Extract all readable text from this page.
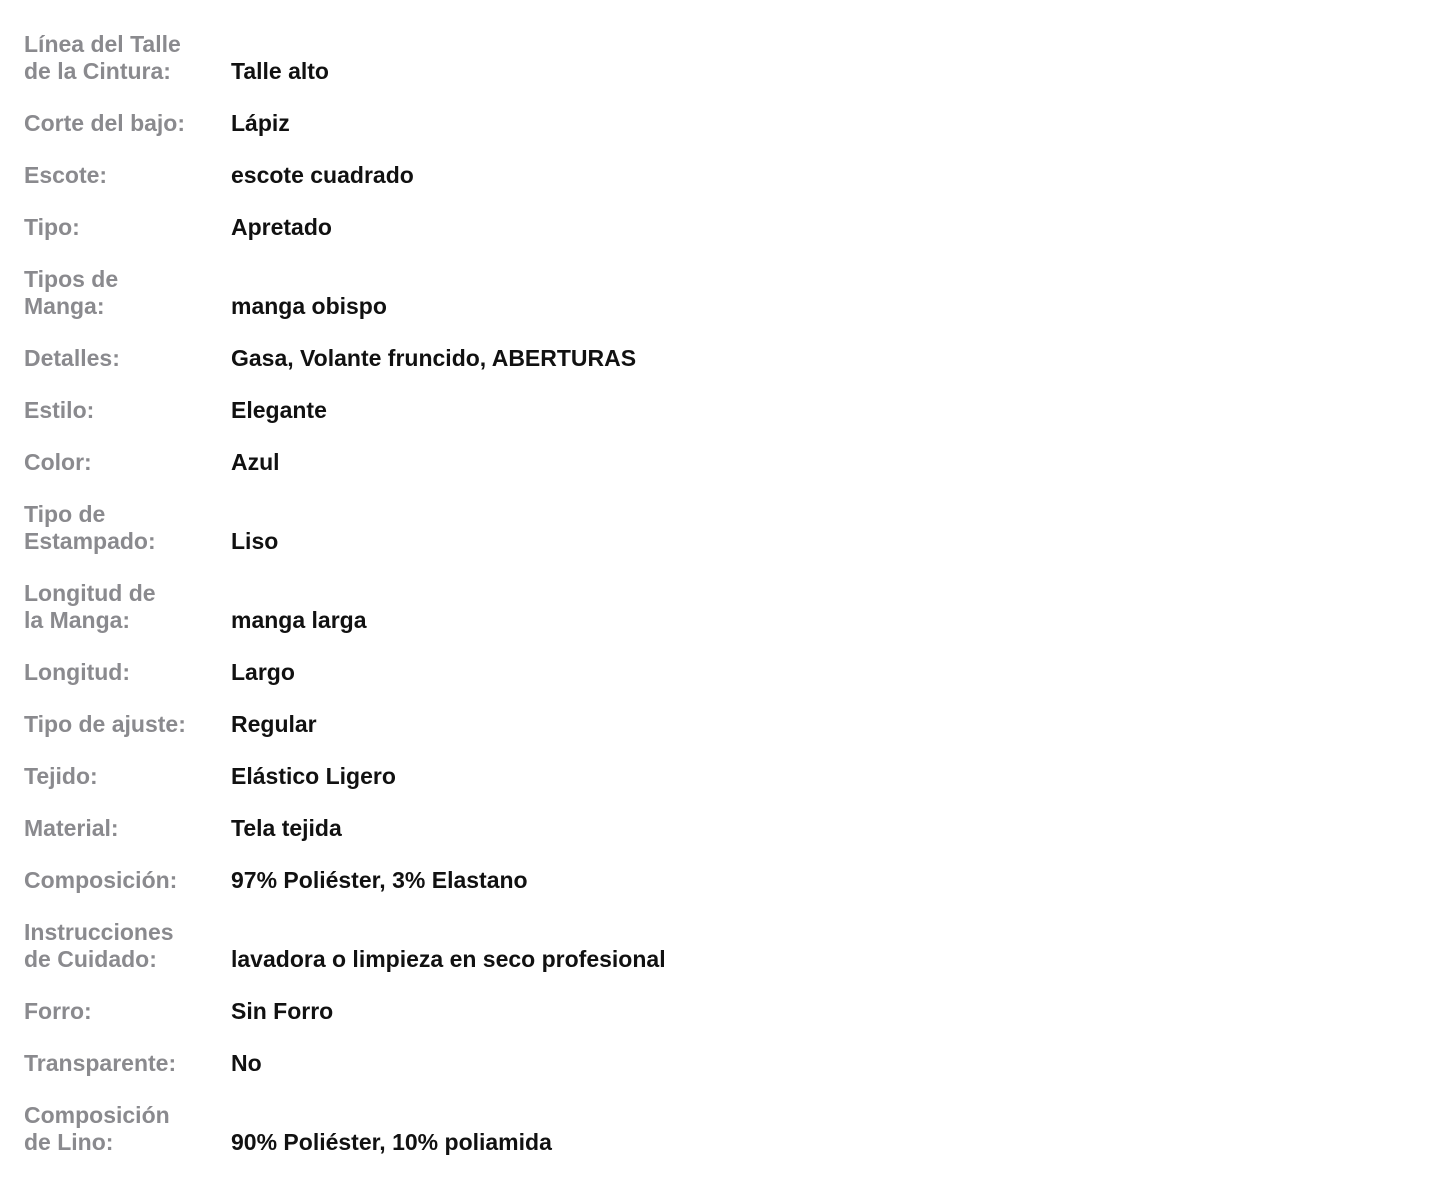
Línea del Talle
de la Cintura:	Talle alto
Corte del bajo:	Lápiz
Escote:	escote cuadrado
Tipo:	Apretado
Tipos de
Manga:	manga obispo
Detalles:	Gasa, Volante fruncido, ABERTURAS
Estilo:	Elegante
Color:	Azul
Tipo de
Estampado:	Liso
Longitud de
la Manga:	manga larga
Longitud:	Largo
Tipo de ajuste:	Regular
Tejido:	Elástico Ligero
Material:	Tela tejida
Composición:	97% Poliéster, 3% Elastano
Instrucciones
de Cuidado:	lavadora o limpieza en seco profesional
Forro:	Sin Forro
Transparente:	No
Composición
de Lino:	90% Poliéster, 10% poliamida
